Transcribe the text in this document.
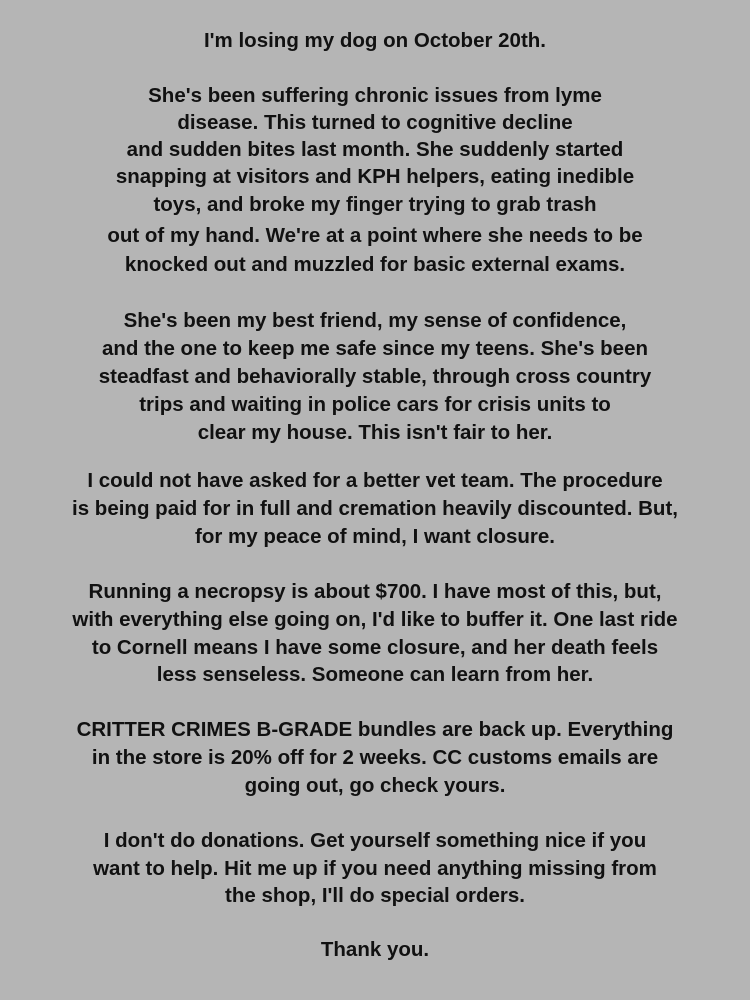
I'm losing my dog on October 20th.
She's been suffering chronic issues from lyme
disease. This turned to cognitive decline
and sudden bites last month. She suddenly started
snapping at visitors and KPH helpers, eating inedible
toys, and broke my finger trying to grab trash
out of my hand. We're at a point where she needs to be
knocked out and muzzled for basic external exams.
She's been my best friend, my sense of confidence,
and the one to keep me safe since my teens. She's been
steadfast and behaviorally stable, through cross country
trips and waiting in police cars for crisis units to
clear my house. This isn't fair to her.
I could not have asked for a better vet team. The procedure
is being paid for in full and cremation heavily discounted. But,
for my peace of mind, I want closure.
Running a necropsy is about $700. I have most of this, but,
with everything else going on, I'd like to buffer it. One last ride
to Cornell means I have some closure, and her death feels
less senseless. Someone can learn from her.
CRITTER CRIMES B-GRADE bundles are back up. Everything
in the store is 20% off for 2 weeks. CC customs emails are
going out, go check yours.
I don't do donations. Get yourself something nice if you
want to help. Hit me up if you need anything missing from
the shop, I'll do special orders.
Thank you.
